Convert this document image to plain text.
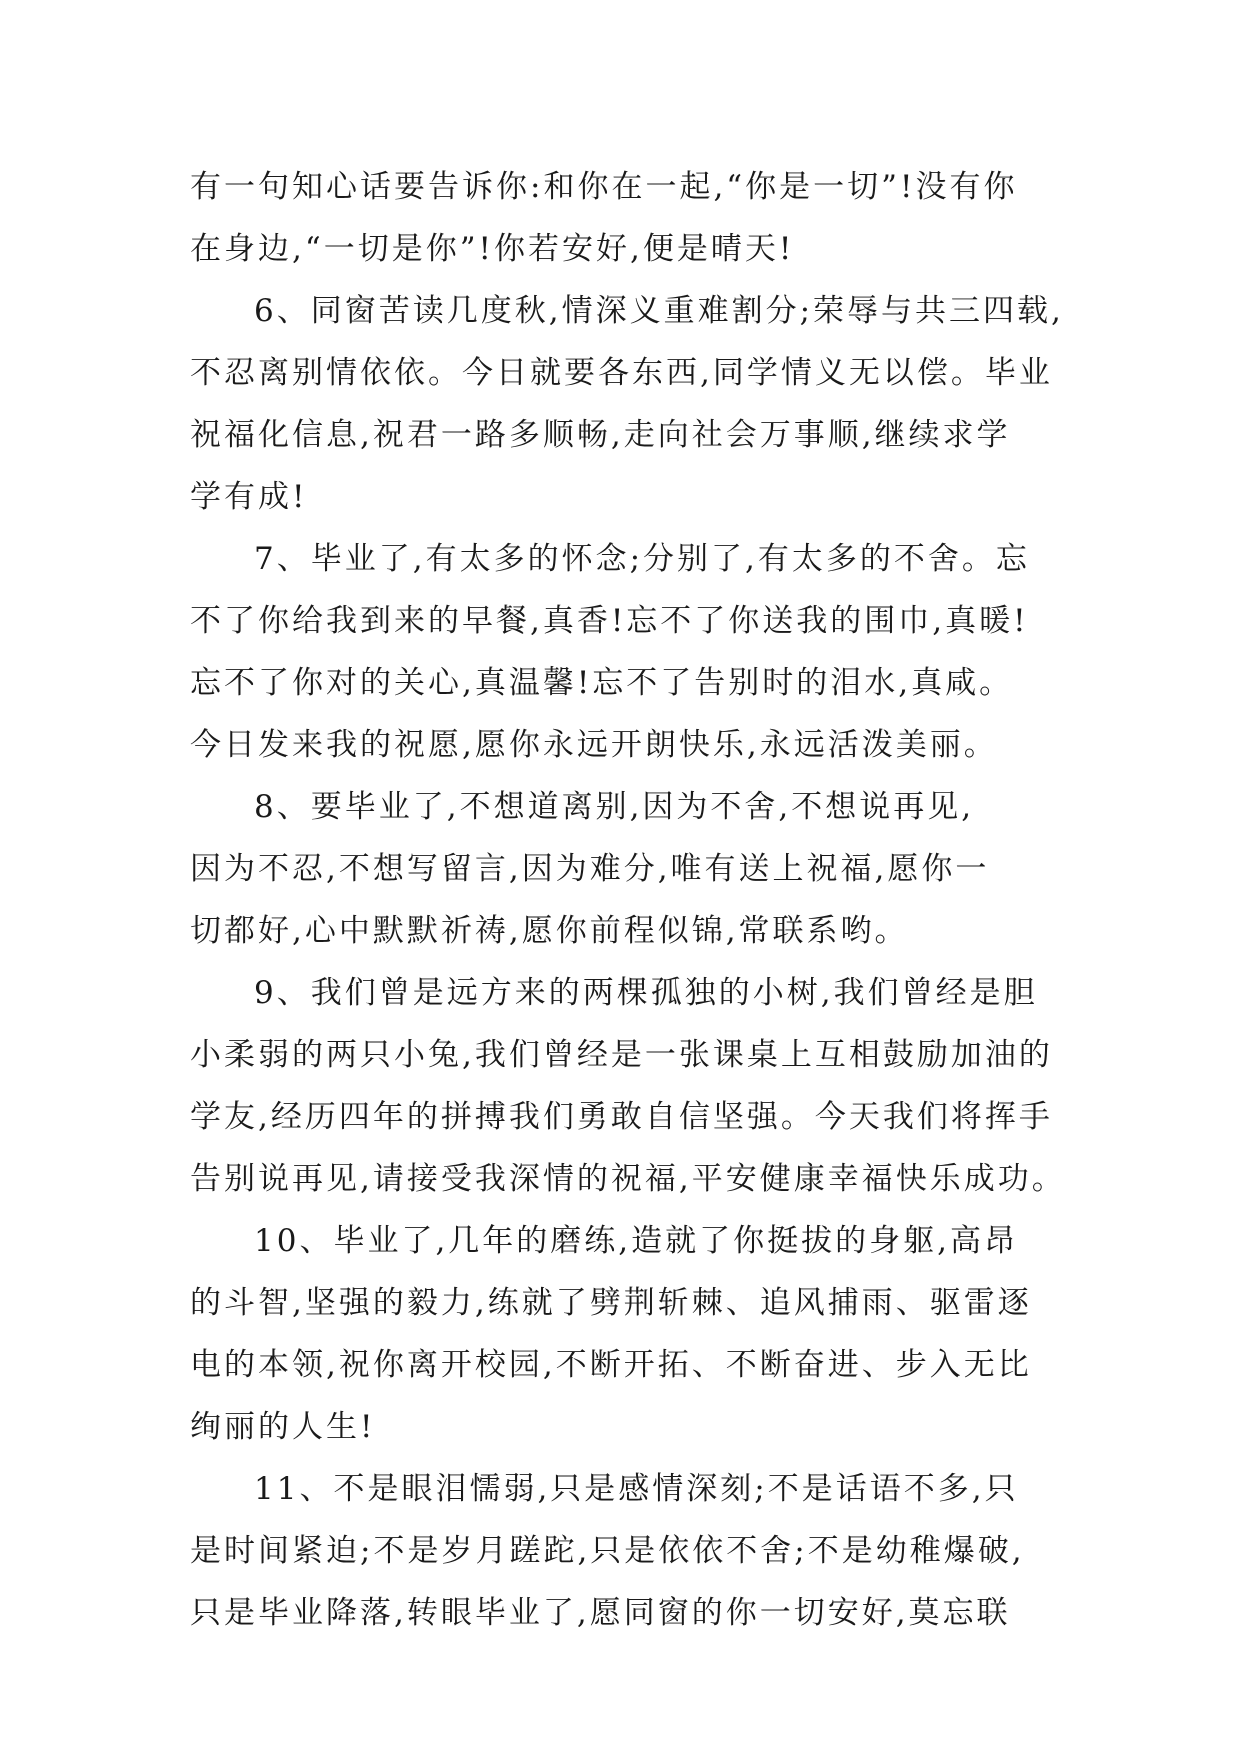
有一句知心话要告诉你:和你在一起,“你是一切”!没有你
在身边,“一切是你”!你若安好,便是晴天!
6、同窗苦读几度秋,情深义重难割分;荣辱与共三四载,
不忍离别情依依。今日就要各东西,同学情义无以偿。毕业
祝福化信息,祝君一路多顺畅,走向社会万事顺,继续求学
学有成!
7、毕业了,有太多的怀念;分别了,有太多的不舍。忘
不了你给我到来的早餐,真香!忘不了你送我的围巾,真暖!
忘不了你对的关心,真温馨!忘不了告别时的泪水,真咸。
今日发来我的祝愿,愿你永远开朗快乐,永远活泼美丽。
8、要毕业了,不想道离别,因为不舍,不想说再见,
因为不忍,不想写留言,因为难分,唯有送上祝福,愿你一
切都好,心中默默祈祷,愿你前程似锦,常联系哟。
9、我们曾是远方来的两棵孤独的小树,我们曾经是胆
小柔弱的两只小兔,我们曾经是一张课桌上互相鼓励加油的
学友,经历四年的拼搏我们勇敢自信坚强。今天我们将挥手
告别说再见,请接受我深情的祝福,平安健康幸福快乐成功。
10、毕业了,几年的磨练,造就了你挺拔的身躯,高昂
的斗智,坚强的毅力,练就了劈荆斩棘、追风捕雨、驱雷逐
电的本领,祝你离开校园,不断开拓、不断奋进、步入无比
绚丽的人生!
11、不是眼泪懦弱,只是感情深刻;不是话语不多,只
是时间紧迫;不是岁月蹉跎,只是依依不舍;不是幼稚爆破,
只是毕业降落,转眼毕业了,愿同窗的你一切安好,莫忘联
